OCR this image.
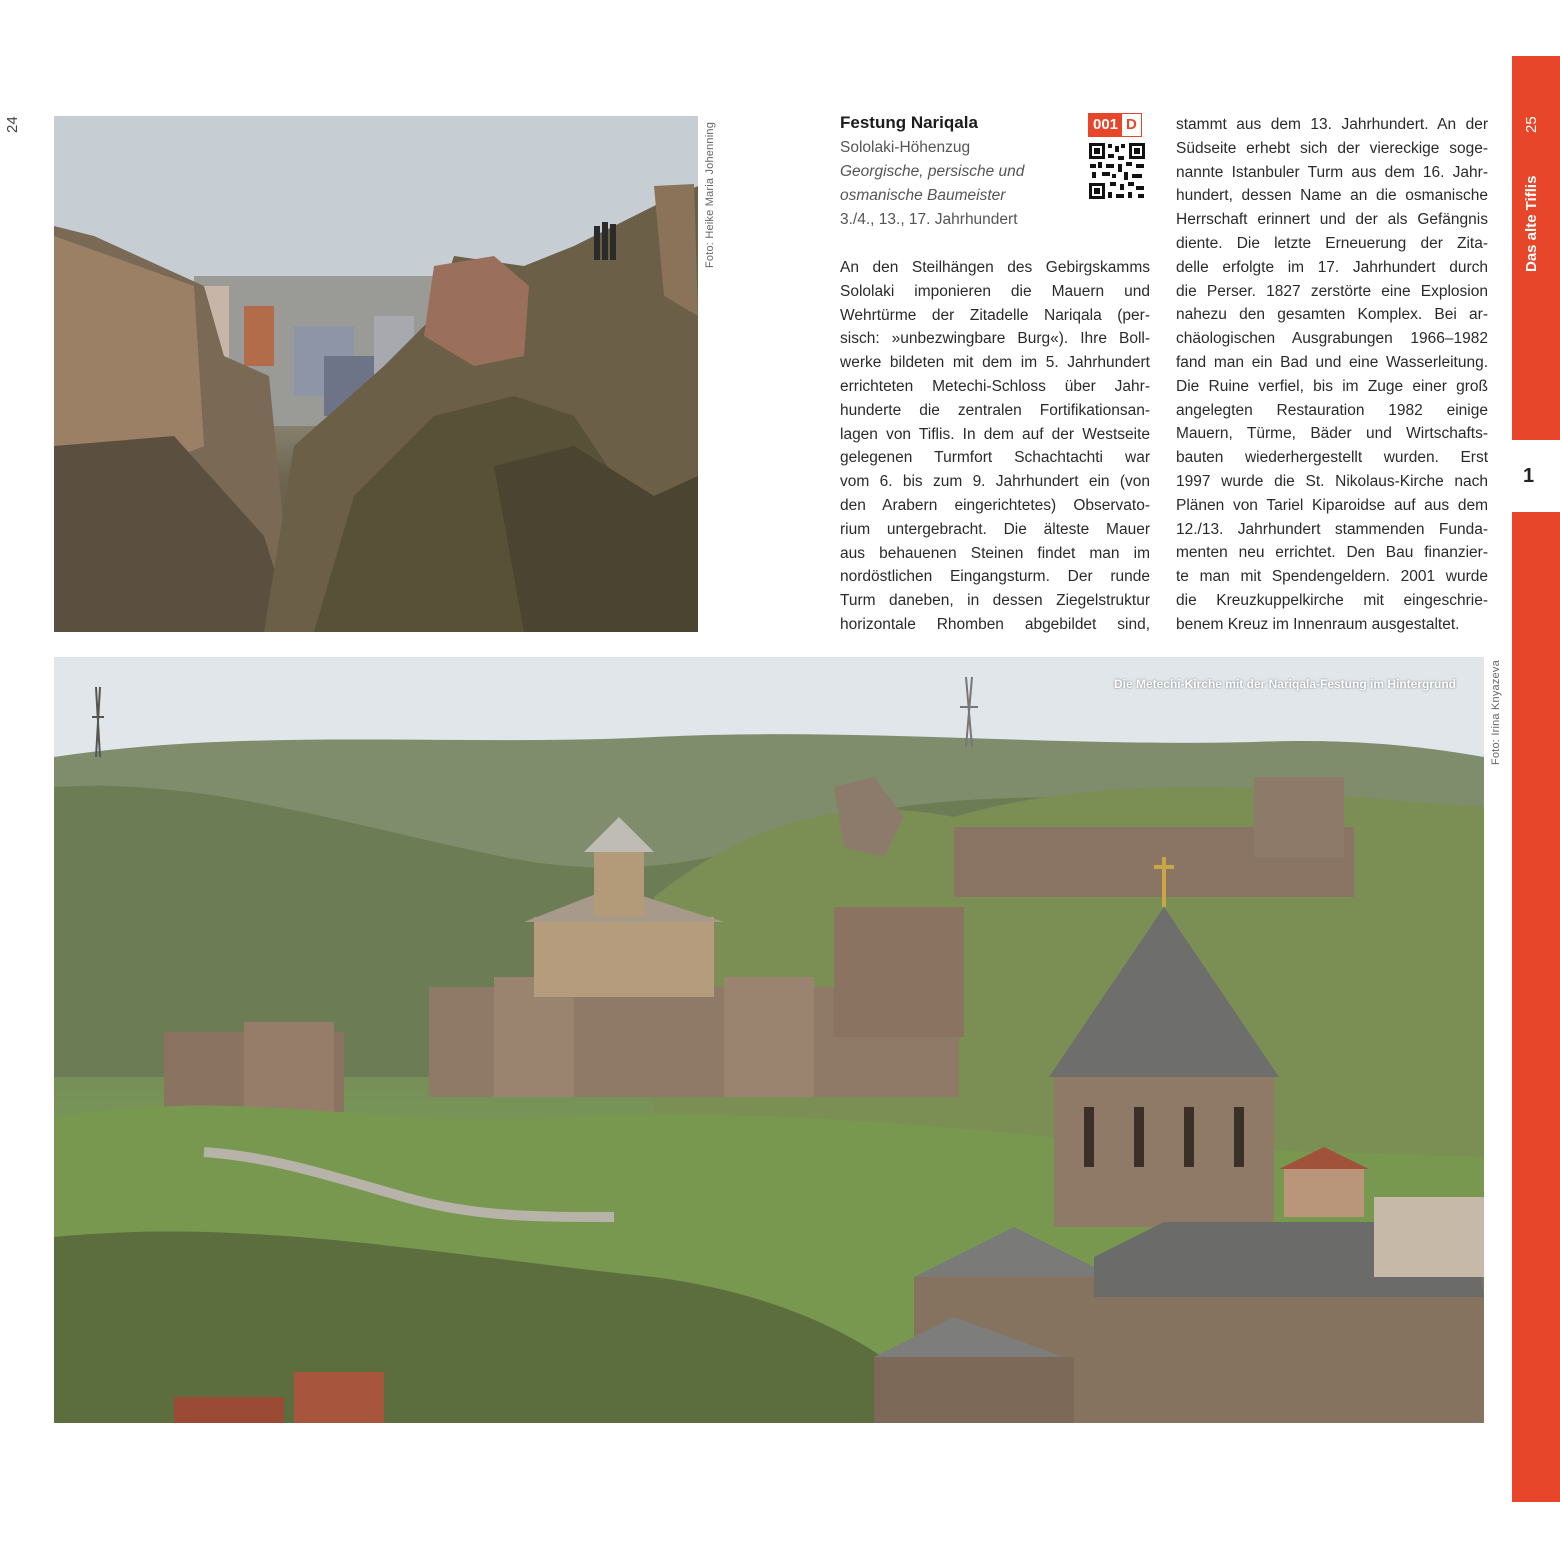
24	Foto: Heike Maria Johenning	Festung Nariqala	001 D
Sololaki-Höhenzug
Georgische, persische und
osmanische Baumeister
3./4., 13., 17. Jahrhundert
An den Steilhängen des Gebirgskamms
Sololaki imponieren die Mauern und
Wehrtürme der Zitadelle Nariqala (per-
sisch: »unbezwingbare Burg«). Ihre Boll-
werke bildeten mit dem im 5. Jahrhundert
errichteten Metechi-Schloss über Jahr-
hunderte die zentralen Fortifikationsan-
lagen von Tiflis. In dem auf der Westseite
gelegenen Turmfort Schachtachti war
vom 6. bis zum 9. Jahrhundert ein (von
den Arabern eingerichtetes) Observato-
rium untergebracht. Die älteste Mauer
aus behauenen Steinen findet man im
nordöstlichen Eingangsturm. Der runde
Turm daneben, in dessen Ziegelstruktur
horizontale Rhomben abgebildet sind,
stammt aus dem 13. Jahrhundert. An der
Südseite erhebt sich der viereckige soge-
nannte Istanbuler Turm aus dem 16. Jahr-
hundert, dessen Name an die osmanische
Herrschaft erinnert und der als Gefängnis
diente. Die letzte Erneuerung der Zita-
delle erfolgte im 17. Jahrhundert durch
die Perser. 1827 zerstörte eine Explosion
nahezu den gesamten Komplex. Bei ar-
chäologischen Ausgrabungen 1966–1982
fand man ein Bad und eine Wasserleitung.
Die Ruine verfiel, bis im Zuge einer groß
angelegten Restauration 1982 einige
Mauern, Türme, Bäder und Wirtschafts-
bauten wiederhergestellt wurden. Erst
1997 wurde die St. Nikolaus-Kirche nach
Plänen von Tariel Kiparoidse auf aus dem
12./13. Jahrhundert stammenden Funda-
menten neu errichtet. Den Bau finanzier-
te man mit Spendengeldern. 2001 wurde
die Kreuzkuppelkirche mit eingeschrie-
benem Kreuz im Innenraum ausgestaltet.
Die Metechi-Kirche mit der Nariqala-Festung im Hintergrund	Foto: Irina Knyazeva
25
Das alte Tiflis
1
